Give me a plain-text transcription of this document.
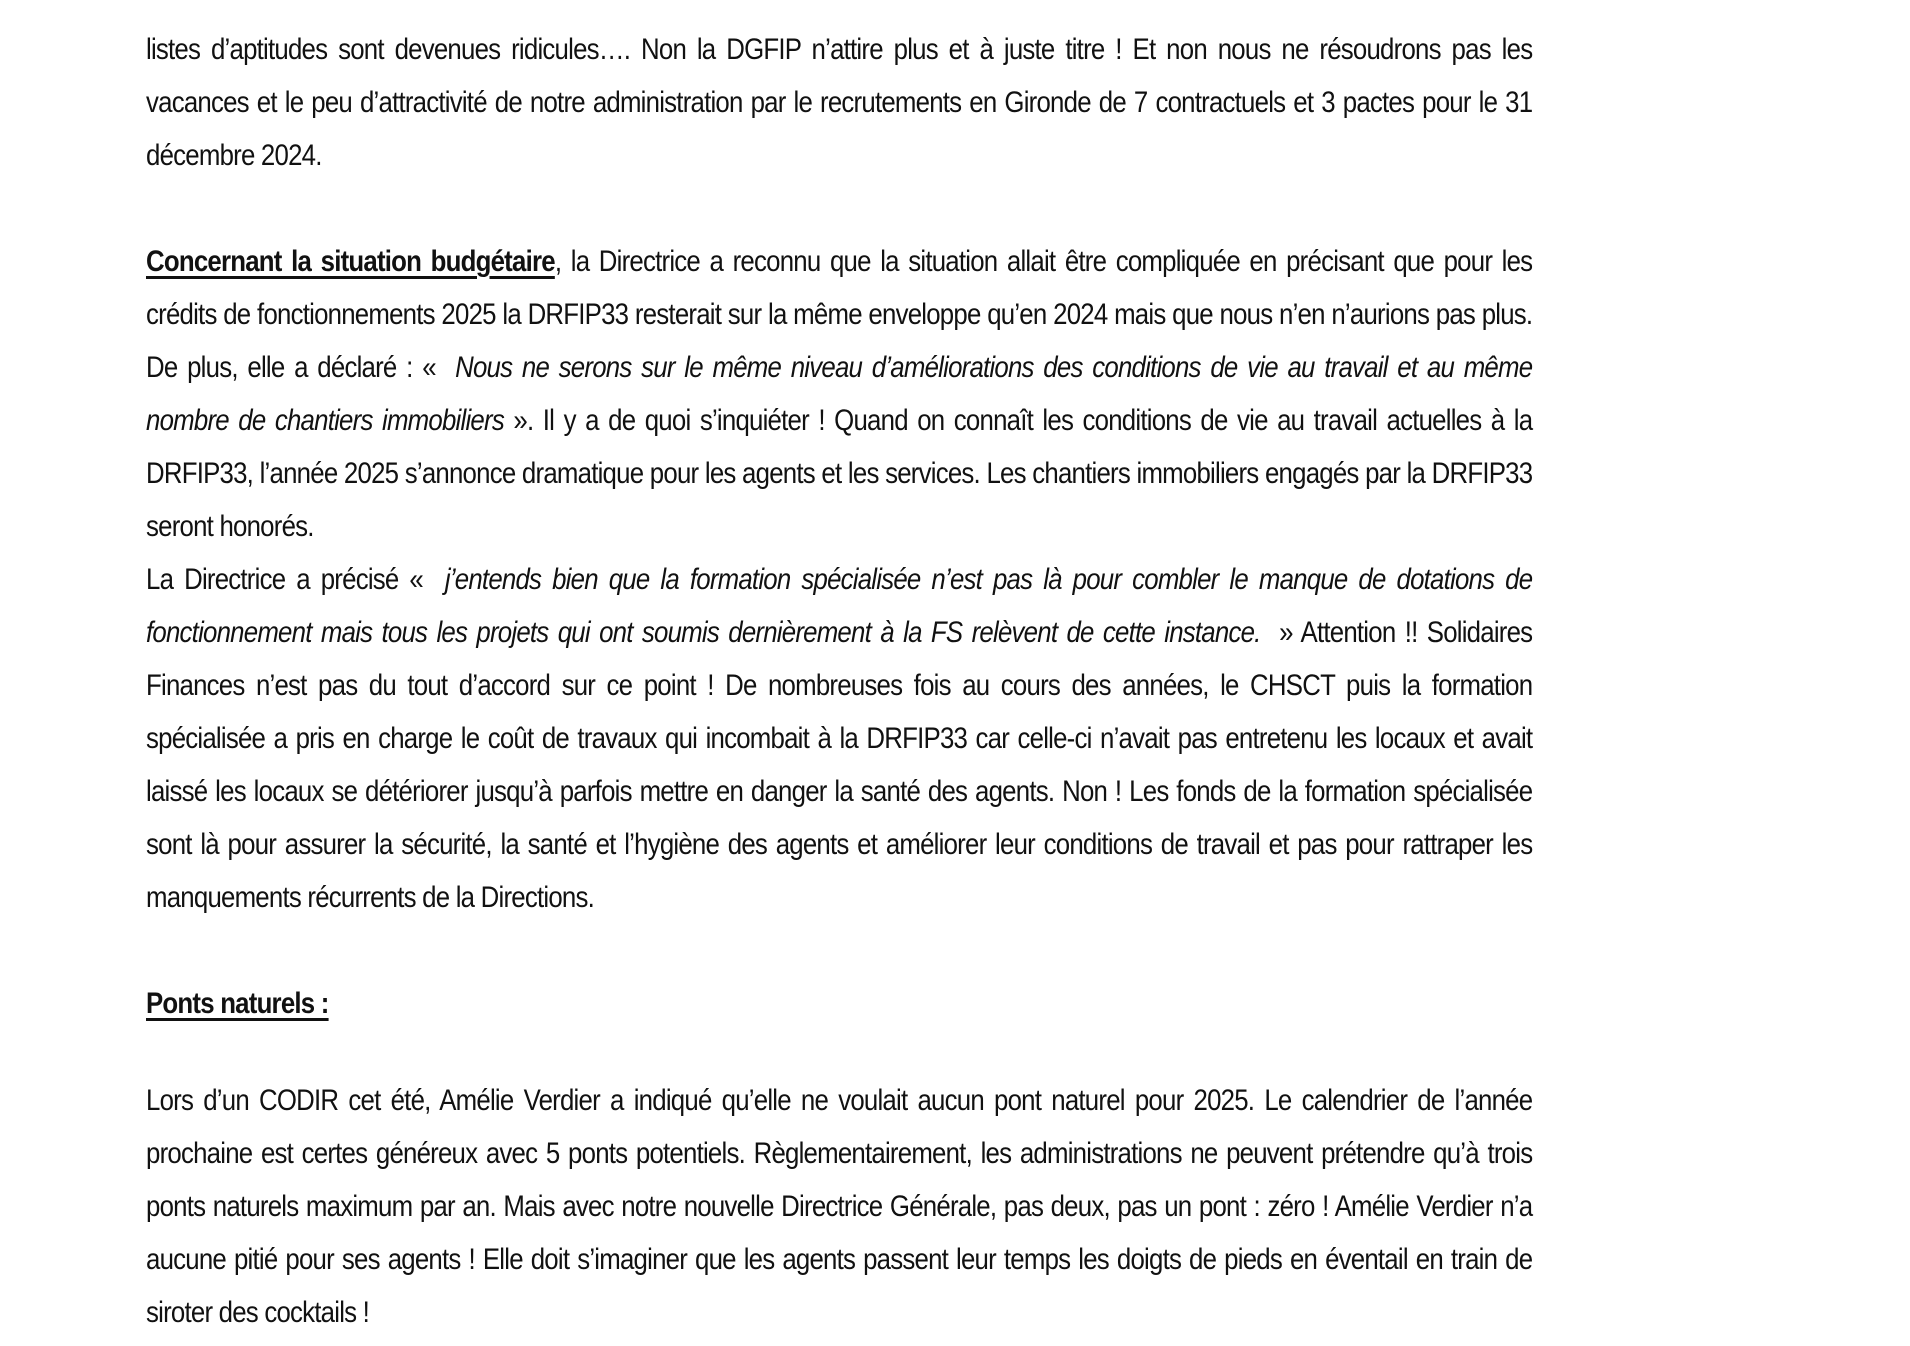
listes d’aptitudes sont devenues ridicules…. Non la DGFIP n’attire plus et à juste titre ! Et non nous ne résoudrons pas les vacances et le peu d’attractivité de notre administration par le recrutements en Gironde de 7 contractuels et 3 pactes pour le 31 décembre 2024.

Concernant la situation budgétaire, la Directrice a reconnu que la situation allait être compliquée en précisant que pour les crédits de fonctionnements 2025 la DRFIP33 resterait sur la même enveloppe qu’en 2024 mais que nous n’en n’aurions pas plus. De plus, elle a déclaré : «  Nous ne serons sur le même niveau d’améliorations des conditions de vie au travail et au même nombre de chantiers immobiliers ». Il y a de quoi s’inquiéter ! Quand on connaît les conditions de vie au travail actuelles à la DRFIP33, l’année 2025 s’annonce dramatique pour les agents et les services. Les chantiers immobiliers engagés par la DRFIP33 seront honorés.

La Directrice a précisé «  j’entends bien que la formation spécialisée n’est pas là pour combler le manque de dotations de fonctionnement mais tous les projets qui ont soumis dernièrement à la FS relèvent de cette instance.  » Attention !! Solidaires Finances n’est pas du tout d’accord sur ce point ! De nombreuses fois au cours des années, le CHSCT puis la formation spécialisée a pris en charge le coût de travaux qui incombait à la DRFIP33 car celle-ci n’avait pas entretenu les locaux et avait laissé les locaux se détériorer jusqu’à parfois mettre en danger la santé des agents. Non ! Les fonds de la formation spécialisée sont là pour assurer la sécurité, la santé et l’hygiène des agents et améliorer leur conditions de travail et pas pour rattraper les manquements récurrents de la Directions.

Ponts naturels :

Lors d’un CODIR cet été, Amélie Verdier a indiqué qu’elle ne voulait aucun pont naturel pour 2025. Le calendrier de l’année prochaine est certes généreux avec 5 ponts potentiels. Règlementairement, les administrations ne peuvent prétendre qu’à trois ponts naturels maximum par an. Mais avec notre nouvelle Directrice Générale, pas deux, pas un pont : zéro ! Amélie Verdier n’a aucune pitié pour ses agents ! Elle doit s’imaginer que les agents passent leur temps les doigts de pieds en éventail en train de siroter des cocktails !
